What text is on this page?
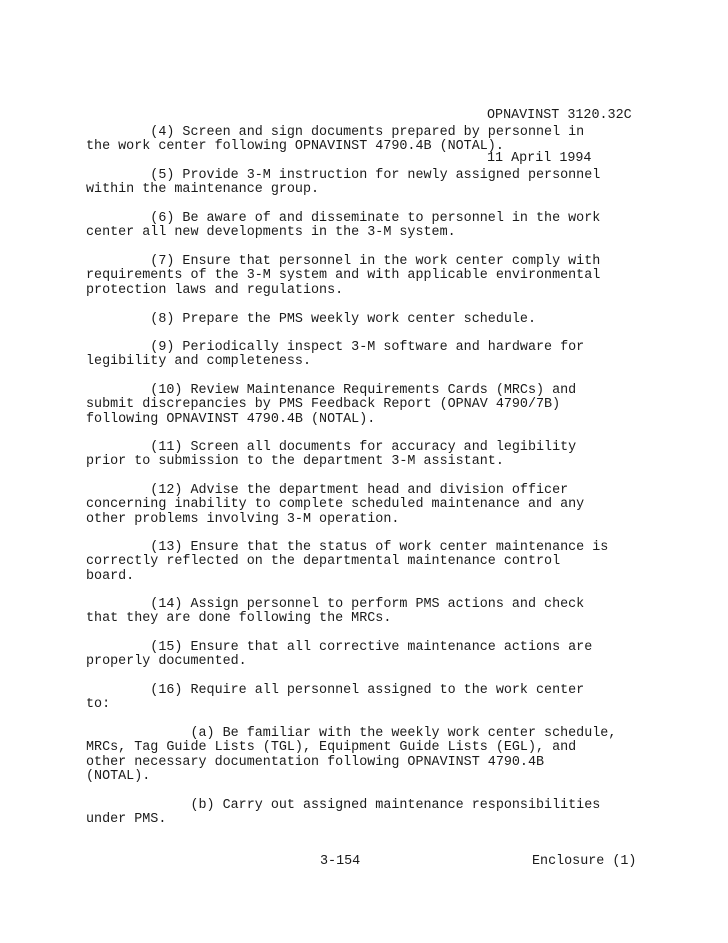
OPNAVINST 3120.32C

11 April 1994

(4) Screen and sign documents prepared by personnel in
the work center following OPNAVINST 4790.4B (NOTAL).
(5) Provide 3-M instruction for newly assigned personnel
within the maintenance group.
(6) Be aware of and disseminate to personnel in the work
center all new developments in the 3-M system.
(7) Ensure that personnel in the work center comply with
requirements of the 3-M system and with applicable environmental
protection laws and regulations.
(8) Prepare the PMS weekly work center schedule.
(9) Periodically inspect 3-M software and hardware for
legibility and completeness.
(10) Review Maintenance Requirements Cards (MRCs) and
submit discrepancies by PMS Feedback Report (OPNAV 4790/7B)
following OPNAVINST 4790.4B (NOTAL).
(11) Screen all documents for accuracy and legibility
prior to submission to the department 3-M assistant.
(12) Advise the department head and division officer
concerning inability to complete scheduled maintenance and any
other problems involving 3-M operation.
(13) Ensure that the status of work center maintenance is
correctly reflected on the departmental maintenance control
board.
(14) Assign personnel to perform PMS actions and check
that they are done following the MRCs.
(15) Ensure that all corrective maintenance actions are
properly documented.
(16) Require all personnel assigned to the work center
to:
(a) Be familiar with the weekly work center schedule,
MRCs, Tag Guide Lists (TGL), Equipment Guide Lists (EGL), and
other necessary documentation following OPNAVINST 4790.4B
(NOTAL).
(b) Carry out assigned maintenance responsibilities
under PMS.
3-154	Enclosure (1)
